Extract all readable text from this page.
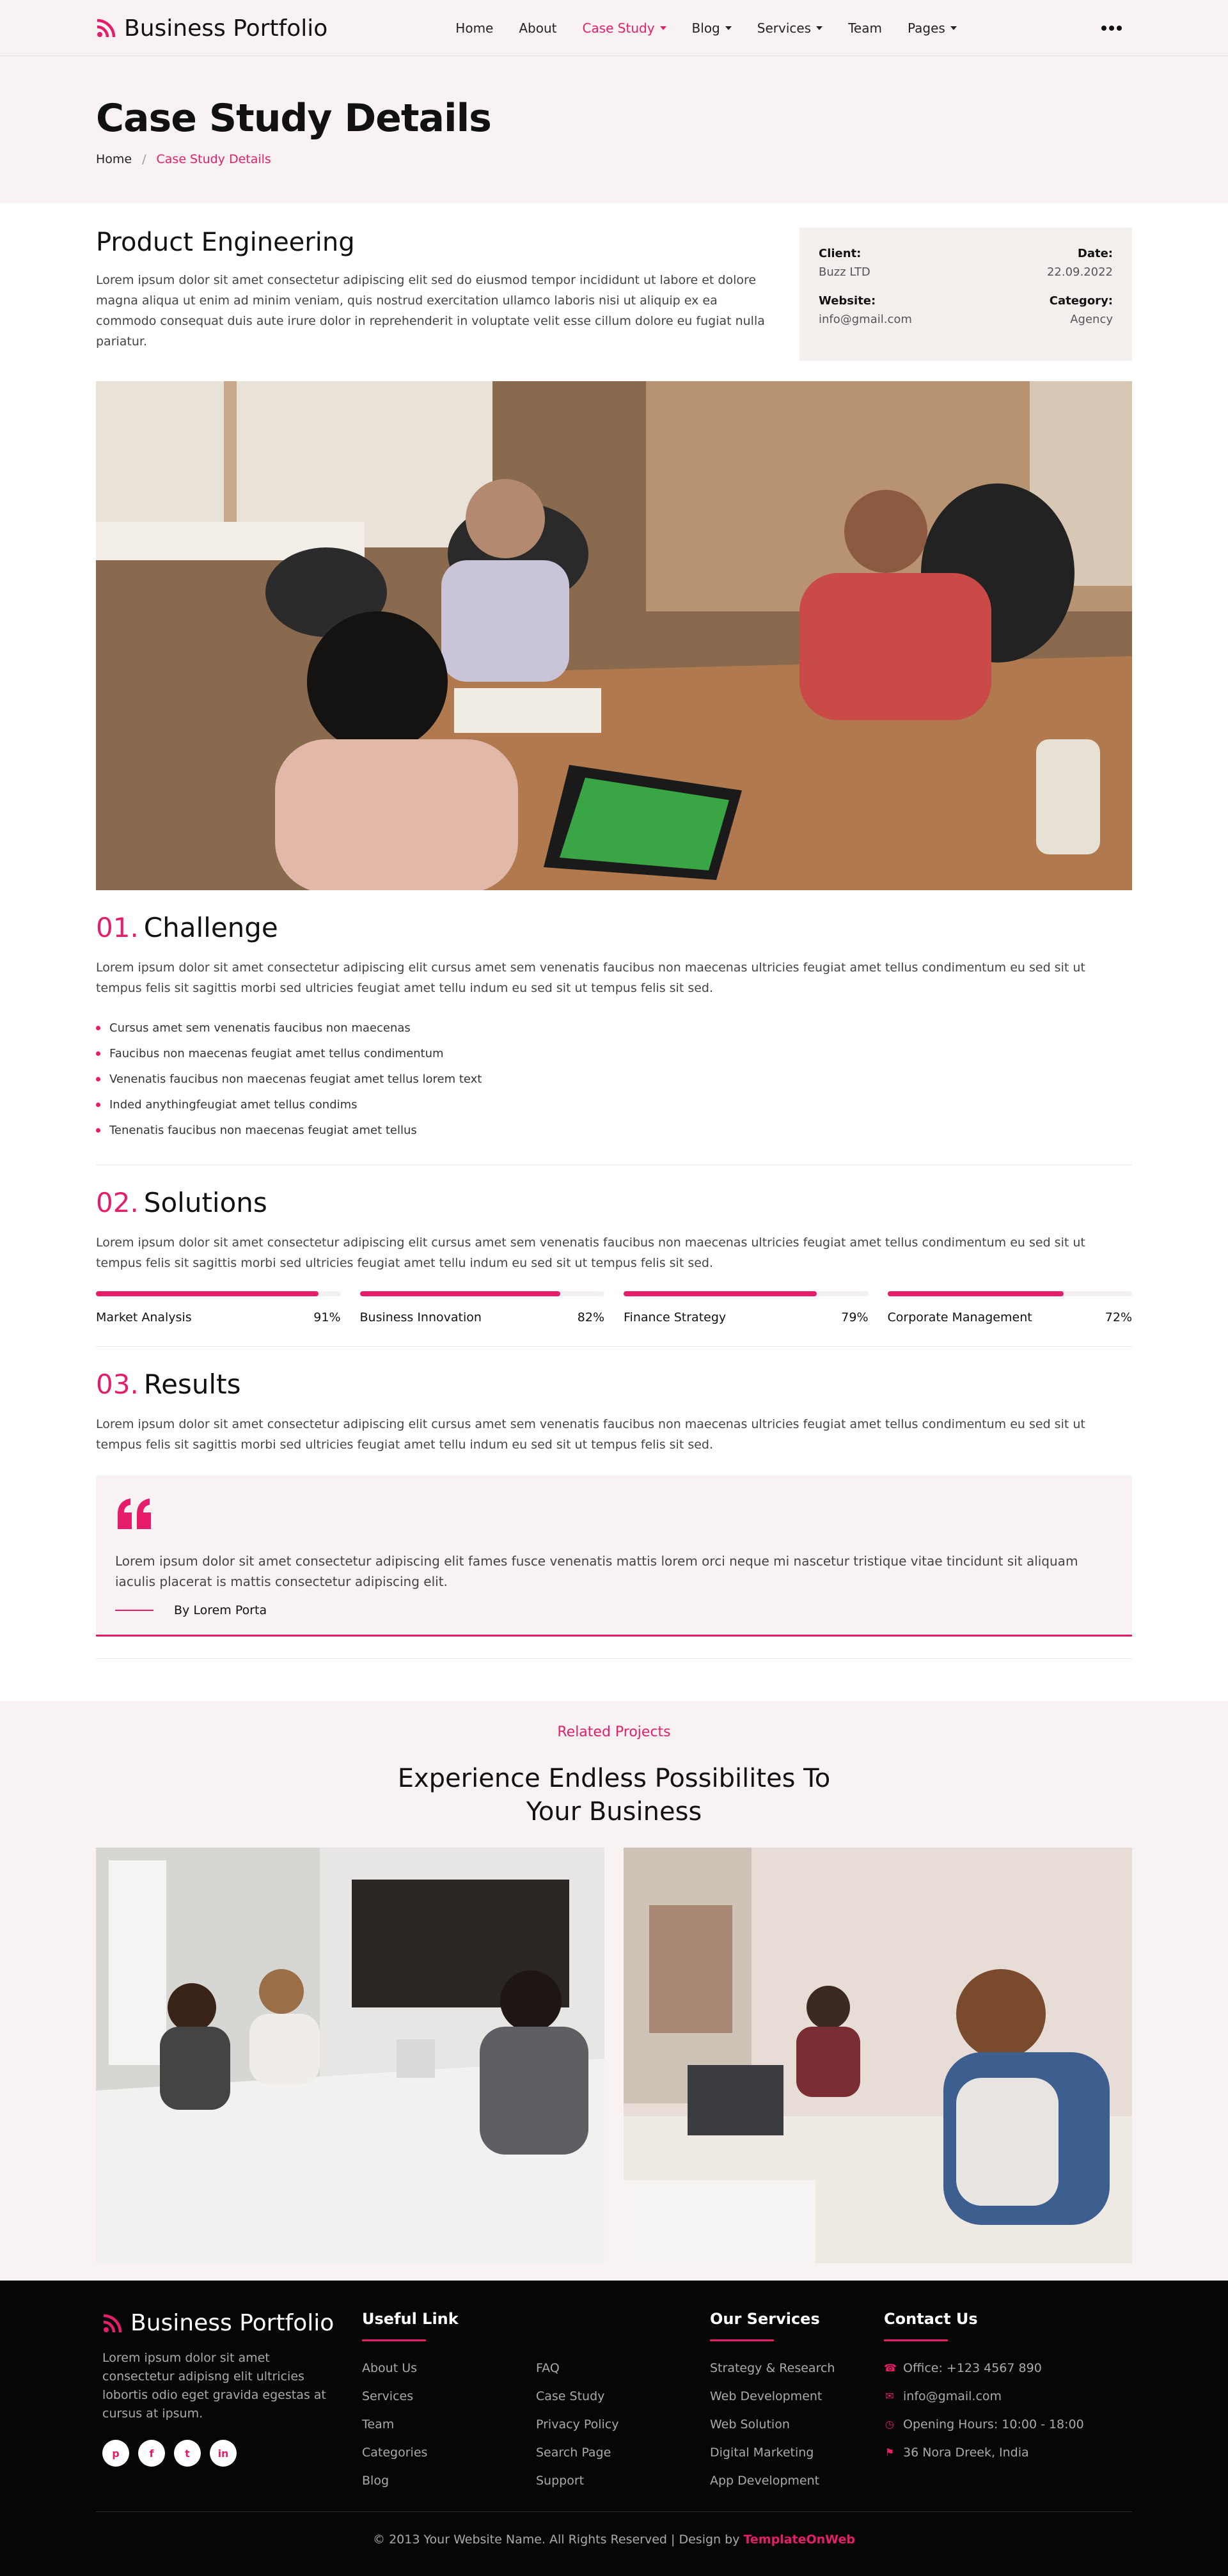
Business Portfolio	Home About Case Study	Blog	Services	Team Pages
Case Study Details
Home / Case Study Details
Product Engineering

Lorem ipsum dolor sit amet consectetur adipiscing elit sed do eiusmod tempor incididunt ut labore et dolore magna aliqua ut enim ad minim veniam, quis nostrud exercitation ullamco laboris nisi ut aliquip ex ea commodo consequat duis aute irure dolor in reprehenderit in voluptate velit esse cillum dolore eu fugiat nulla pariatur.

Client:
Buzz LTD
Date:
22.09.2022
Website:
info@gmail.com
Category:
Agency
01. Challenge

Lorem ipsum dolor sit amet consectetur adipiscing elit cursus amet sem venenatis faucibus non maecenas ultricies feugiat amet tellus condimentum eu sed sit ut tempus felis sit sagittis morbi sed ultricies feugiat amet tellu indum eu sed sit ut tempus felis sit sed.

Cursus amet sem venenatis faucibus non maecenas
Faucibus non maecenas feugiat amet tellus condimentum
Venenatis faucibus non maecenas feugiat amet tellus lorem text
Inded anythingfeugiat amet tellus condims
Tenenatis faucibus non maecenas feugiat amet tellus
02. Solutions

Lorem ipsum dolor sit amet consectetur adipiscing elit cursus amet sem venenatis faucibus non maecenas ultricies feugiat amet tellus condimentum eu sed sit ut tempus felis sit sagittis morbi sed ultricies feugiat amet tellu indum eu sed sit ut tempus felis sit sed.

Market Analysis	91% Business Innovation	82% Finance Strategy	79% Corporate Management	72%
03. Results

Lorem ipsum dolor sit amet consectetur adipiscing elit cursus amet sem venenatis faucibus non maecenas ultricies feugiat amet tellus condimentum eu sed sit ut tempus felis sit sagittis morbi sed ultricies feugiat amet tellu indum eu sed sit ut tempus felis sit sed.

Lorem ipsum dolor sit amet consectetur adipiscing elit fames fusce venenatis mattis lorem orci neque mi nascetur tristique vitae tincidunt sit aliquam iaculis placerat is mattis consectetur adipiscing elit.

By Lorem Porta
Related Projects
Experience Endless Possibilites To Your Business
Business Portfolio

Lorem ipsum dolor sit amet consectetur adipisng elit ultricies lobortis odio eget gravida egestas at cursus at ipsum.

p	f	t	in
Useful Link
About Us
Services
Team
Categories
Blog
FAQ
Case Study
Privacy Policy
Search Page
Support
Our Services
Strategy & Research
Web Development
Web Solution
Digital Marketing
App Development
Contact Us
☎ Office: +123 4567 890
✉ info@gmail.com
◷ Opening Hours: 10:00 - 18:00
⚑ 36 Nora Dreek, India
© 2013 Your Website Name. All Rights Reserved | Design by TemplateOnWeb
